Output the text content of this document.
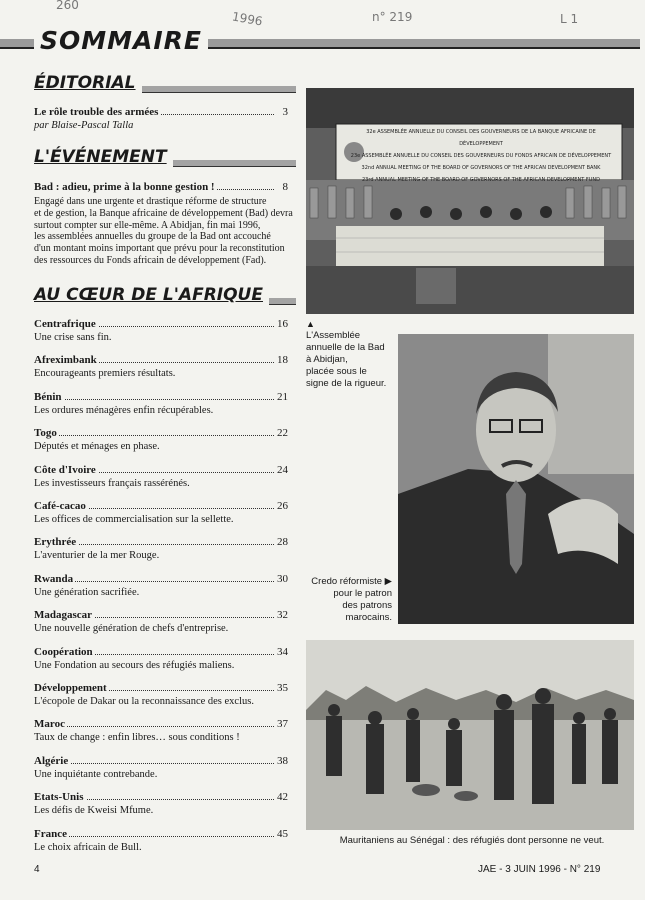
260
1996	n° 219	L 1
SOMMAIRE
ÉDITORIAL
Le rôle trouble des armées	3
par Blaise-Pascal Talla
L'ÉVÉNEMENT
Bad : adieu, prime à la bonne gestion !	8
Engagé dans une urgente et drastique réforme de structure
et de gestion, la Banque africaine de développement (Bad) devra
surtout compter sur elle-même. A Abidjan, fin mai 1996,
les assemblées annuelles du groupe de la Bad ont accouché
d'un montant moins important que prévu pour la reconstitution
des ressources du Fonds africain de développement (Fad).
AU CŒUR DE L'AFRIQUE
Centrafrique	16
Une crise sans fin.
Afreximbank	18
Encourageants premiers résultats.
Bénin	21
Les ordures ménagères enfin récupérables.
Togo	22
Députés et ménages en phase.
Côte d'Ivoire	24
Les investisseurs français rassérénés.
Café-cacao	26
Les offices de commercialisation sur la sellette.
Erythrée	28
L'aventurier de la mer Rouge.
Rwanda	30
Une génération sacrifiée.
Madagascar	32
Une nouvelle génération de chefs d'entreprise.
Coopération	34
Une Fondation au secours des réfugiés maliens.
Développement	35
L'écopole de Dakar ou la reconnaissance des exclus.
Maroc	37
Taux de change : enfin libres… sous conditions !
Algérie	38
Une inquiétante contrebande.
Etats-Unis	42
Les défis de Kweisi Mfume.
France	45
Le choix africain de Bull.
32e ASSEMBLÉE ANNUELLE DU CONSEIL DES GOUVERNEURS DE LA BANQUE AFRICAINE DE DÉVELOPPEMENT
23e ASSEMBLÉE ANNUELLE DU CONSEIL DES GOUVERNEURS DU FONDS AFRICAIN DE DÉVELOPPEMENT
32nd ANNUAL MEETING OF THE BOARD OF GOVERNORS OF THE AFRICAN DEVELOPMENT BANK
23rd ANNUAL MEETING OF THE BOARD OF GOVERNORS OF THE AFRICAN DEVELOPMENT FUND
▲
L'Assemblée
annuelle de la Bad
à Abidjan,
placée sous le
signe de la rigueur.
Credo réformiste ▶
pour le patron
des patrons
marocains.
Mauritaniens au Sénégal : des réfugiés dont personne ne veut.
4	JAE - 3 JUIN 1996 - N° 219
